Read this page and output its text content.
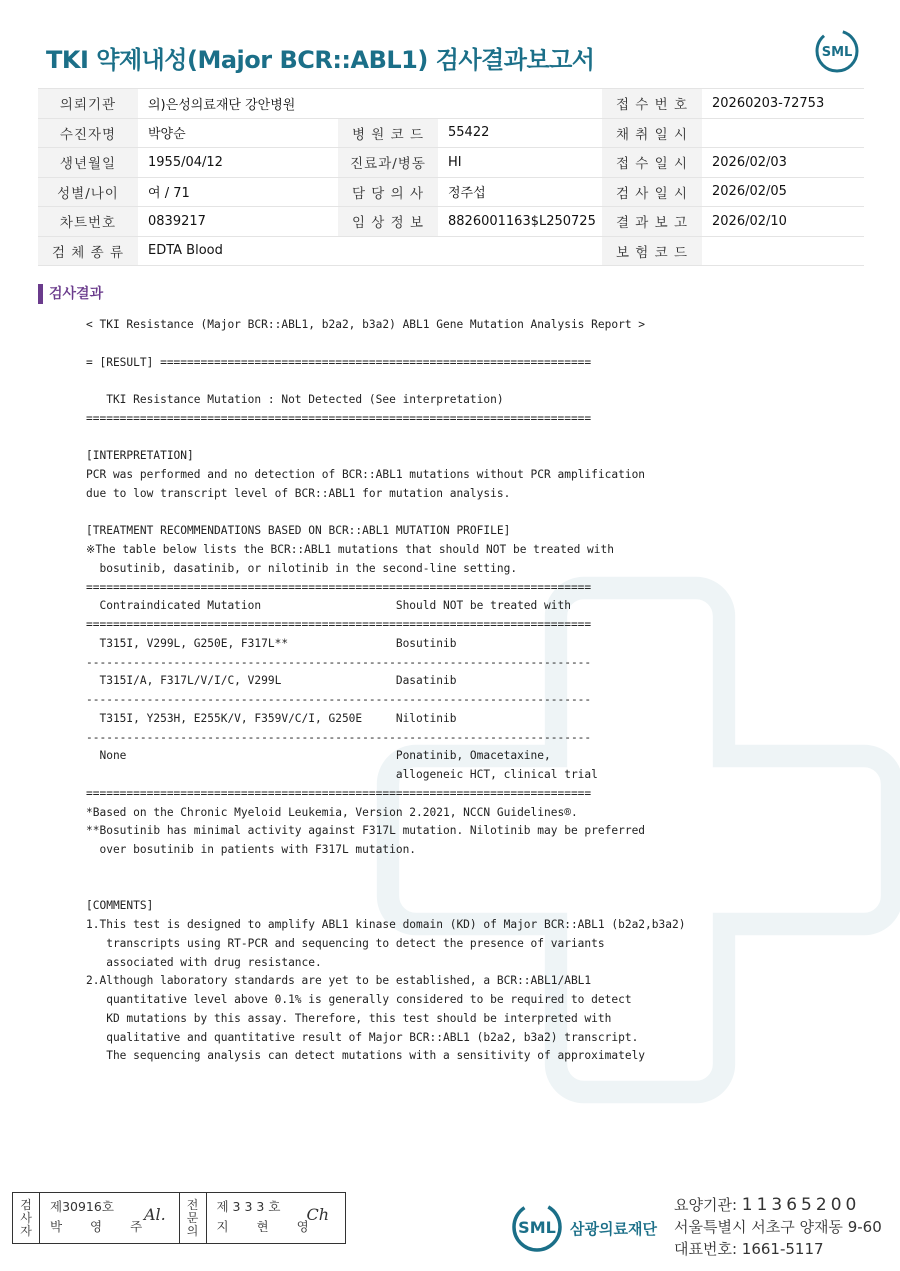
TKI 약제내성(Major BCR::ABL1) 검사결과보고서	SML
의뢰기관	의)은성의료재단 강안병원			접 수 번 호	20260203-72753
수진자명	박양순	병 원 코 드	55422	채 취 일 시	
생년월일	1955/04/12	진료과/병동	HI	접 수 일 시	2026/02/03
성별/나이	여 / 71	담 당 의 사	정주섭	검 사 일 시	2026/02/05
차트번호	0839217	임 상 정 보	8826001163$L250725	결 과 보 고	2026/02/10
검 체 종 류	EDTA Blood			보 험 코 드	
검사결과
< TKI Resistance (Major BCR::ABL1, b2a2, b3a2) ABL1 Gene Mutation Analysis Report >

= [RESULT] ================================================================

TKI Resistance Mutation : Not Detected (See interpretation)
===========================================================================

[INTERPRETATION]
PCR was performed and no detection of BCR::ABL1 mutations without PCR amplification
due to low transcript level of BCR::ABL1 for mutation analysis.

[TREATMENT RECOMMENDATIONS BASED ON BCR::ABL1 MUTATION PROFILE]
※The table below lists the BCR::ABL1 mutations that should NOT be treated with
bosutinib, dasatinib, or nilotinib in the second-line setting.
===========================================================================
Contraindicated Mutation                    Should NOT be treated with
===========================================================================
T315I, V299L, G250E, F317L**                Bosutinib
---------------------------------------------------------------------------
T315I/A, F317L/V/I/C, V299L                 Dasatinib
---------------------------------------------------------------------------
T315I, Y253H, E255K/V, F359V/C/I, G250E     Nilotinib
---------------------------------------------------------------------------
None                                        Ponatinib, Omacetaxine,
allogeneic HCT, clinical trial
===========================================================================
*Based on the Chronic Myeloid Leukemia, Version 2.2021, NCCN Guidelines®.
**Bosutinib has minimal activity against F317L mutation. Nilotinib may be preferred
over bosutinib in patients with F317L mutation.

[COMMENTS]
1.This test is designed to amplify ABL1 kinase domain (KD) of Major BCR::ABL1 (b2a2,b3a2)
transcripts using RT-PCR and sequencing to detect the presence of variants
associated with drug resistance.
2.Although laboratory standards are yet to be established, a BCR::ABL1/ABL1
quantitative level above 0.1% is generally considered to be required to detect
KD mutations by this assay. Therefore, this test should be interpreted with
qualitative and quantitative result of Major BCR::ABL1 (b2a2, b3a2) transcript.
The sequencing analysis can detect mutations with a sensitivity of approximately
검
사
자
제30916호
박 영 주
Al.
전
문
의
제 3 3 3 호
지 현 영
Ch
SML 삼광의료재단
요양기관: 11365200
서울특별시 서초구 양재동 9-60
대표번호: 1661-5117
